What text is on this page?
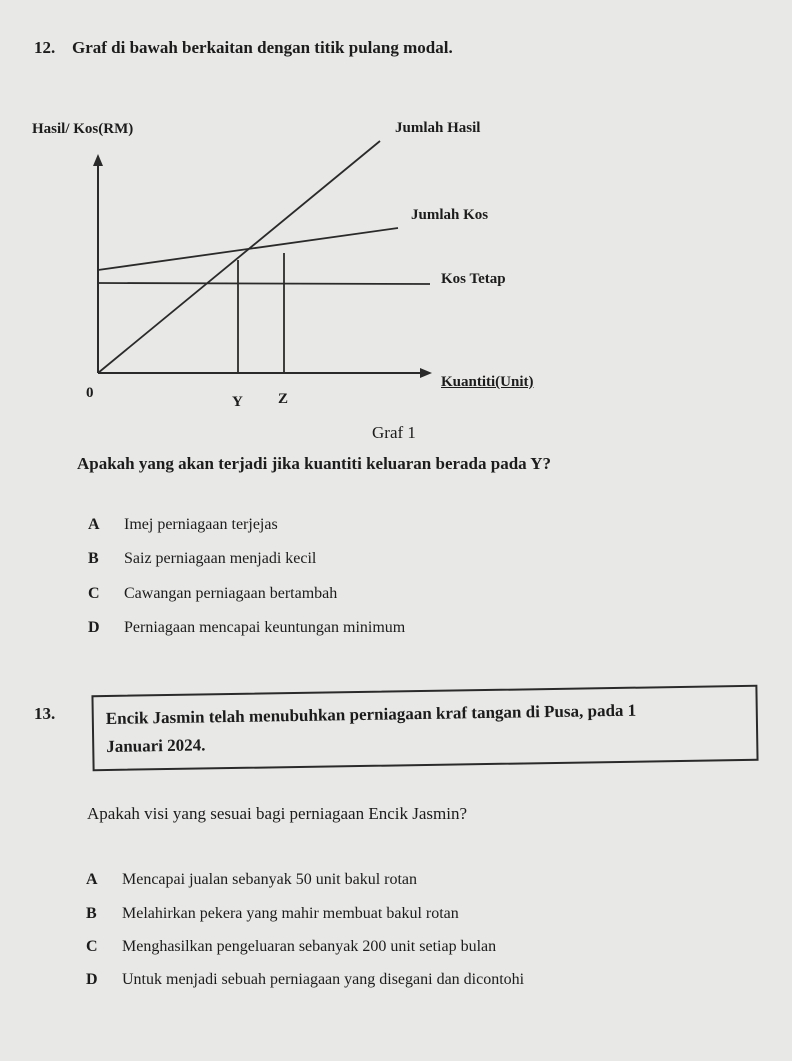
12. Graf di bawah berkaitan dengan titik pulang modal.
Hasil/ Kos(RM)	Jumlah Hasil
Jumlah Kos
Kos Tetap
Kuantiti(Unit)
0
Y Z
Graf 1
Apakah yang akan terjadi jika kuantiti keluaran berada pada Y?
A Imej perniagaan terjejas
B Saiz perniagaan menjadi kecil
C Cawangan perniagaan bertambah
D Perniagaan mencapai keuntungan minimum
13.	Encik Jasmin telah menubuhkan perniagaan kraf tangan di Pusa, pada 1
Januari 2024.
Apakah visi yang sesuai bagi perniagaan Encik Jasmin?
A Mencapai jualan sebanyak 50 unit bakul rotan
B Melahirkan pekera yang mahir membuat bakul rotan
C Menghasilkan pengeluaran sebanyak 200 unit setiap bulan
D Untuk menjadi sebuah perniagaan yang disegani dan dicontohi
